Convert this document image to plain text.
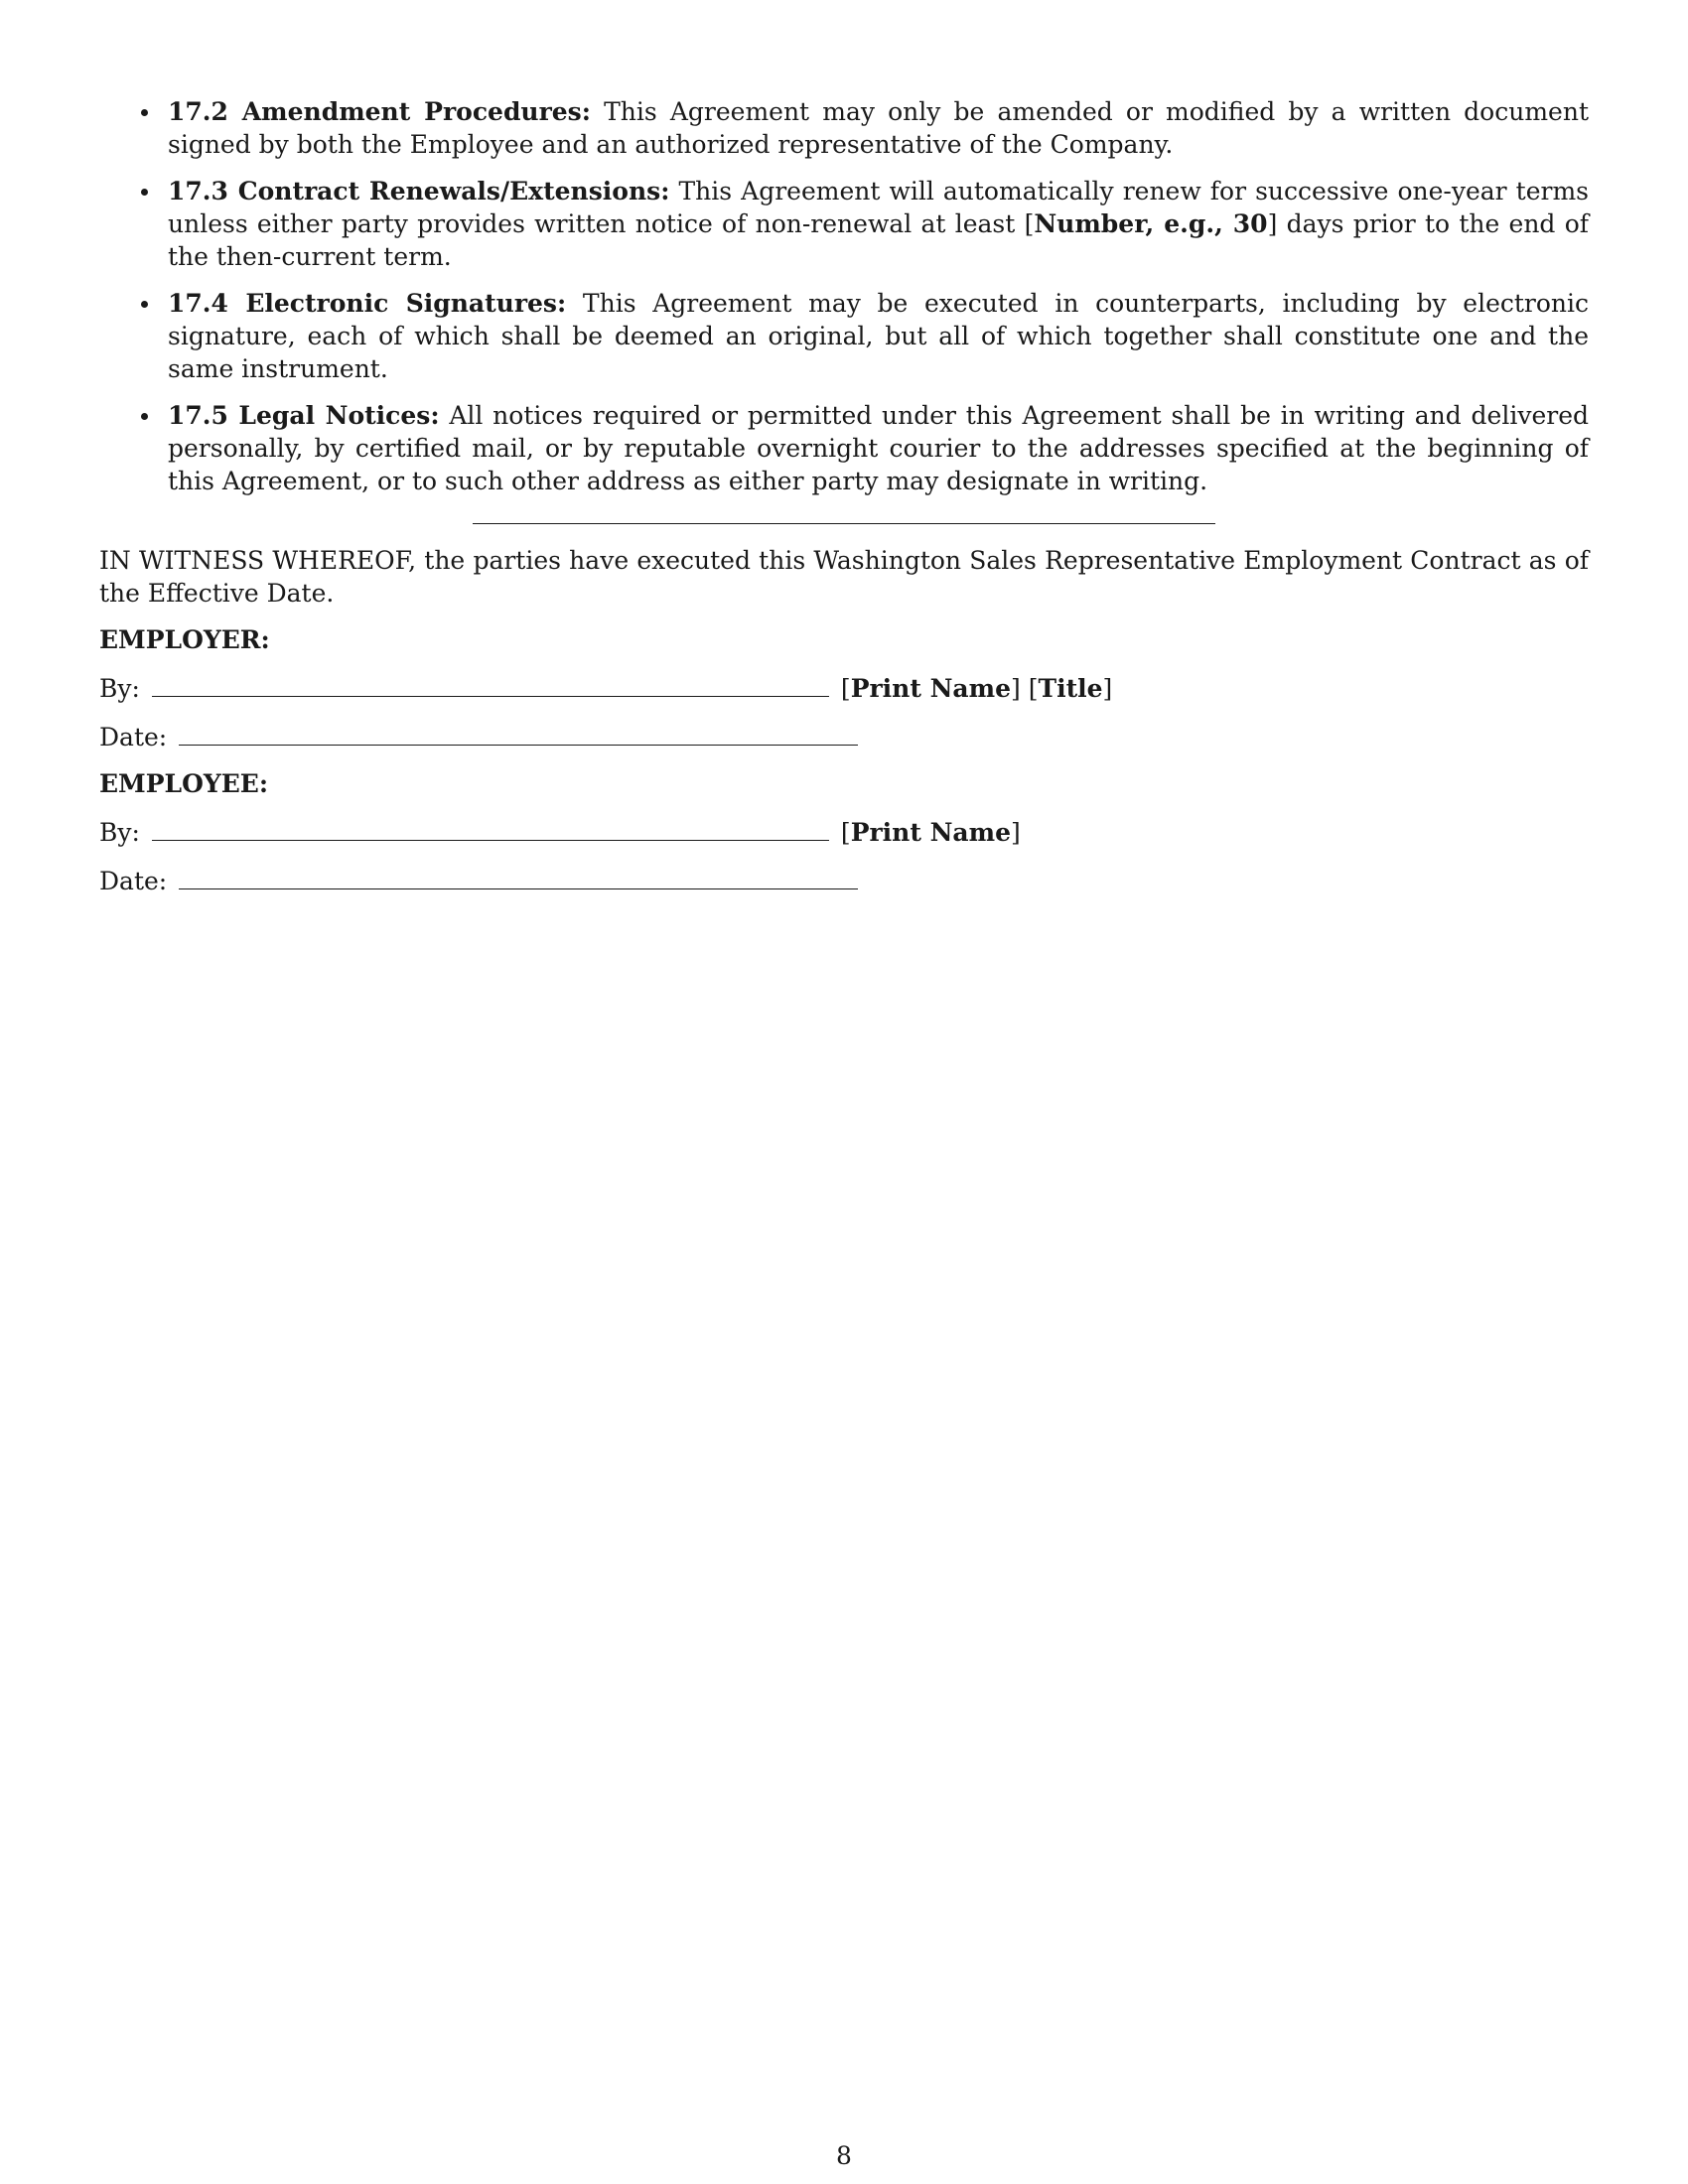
17.2 Amendment Procedures: This Agreement may only be amended or modified by a written document signed by both the Employee and an authorized representative of the Company.
17.3 Contract Renewals/Extensions: This Agreement will automatically renew for successive one-year terms unless either party provides written notice of non-renewal at least [Number, e.g., 30] days prior to the end of the then-current term.
17.4 Electronic Signatures: This Agreement may be executed in counterparts, including by electronic signature, each of which shall be deemed an original, but all of which together shall constitute one and the same instrument.
17.5 Legal Notices: All notices required or permitted under this Agreement shall be in writing and delivered personally, by certified mail, or by reputable overnight courier to the addresses specified at the beginning of this Agreement, or to such other address as either party may designate in writing.

IN WITNESS WHEREOF, the parties have executed this Washington Sales Representative Employment Contract as of the Effective Date.

EMPLOYER:
By:	[Print Name] [Title]
Date:
EMPLOYEE:
By:	[Print Name]
Date:
8
